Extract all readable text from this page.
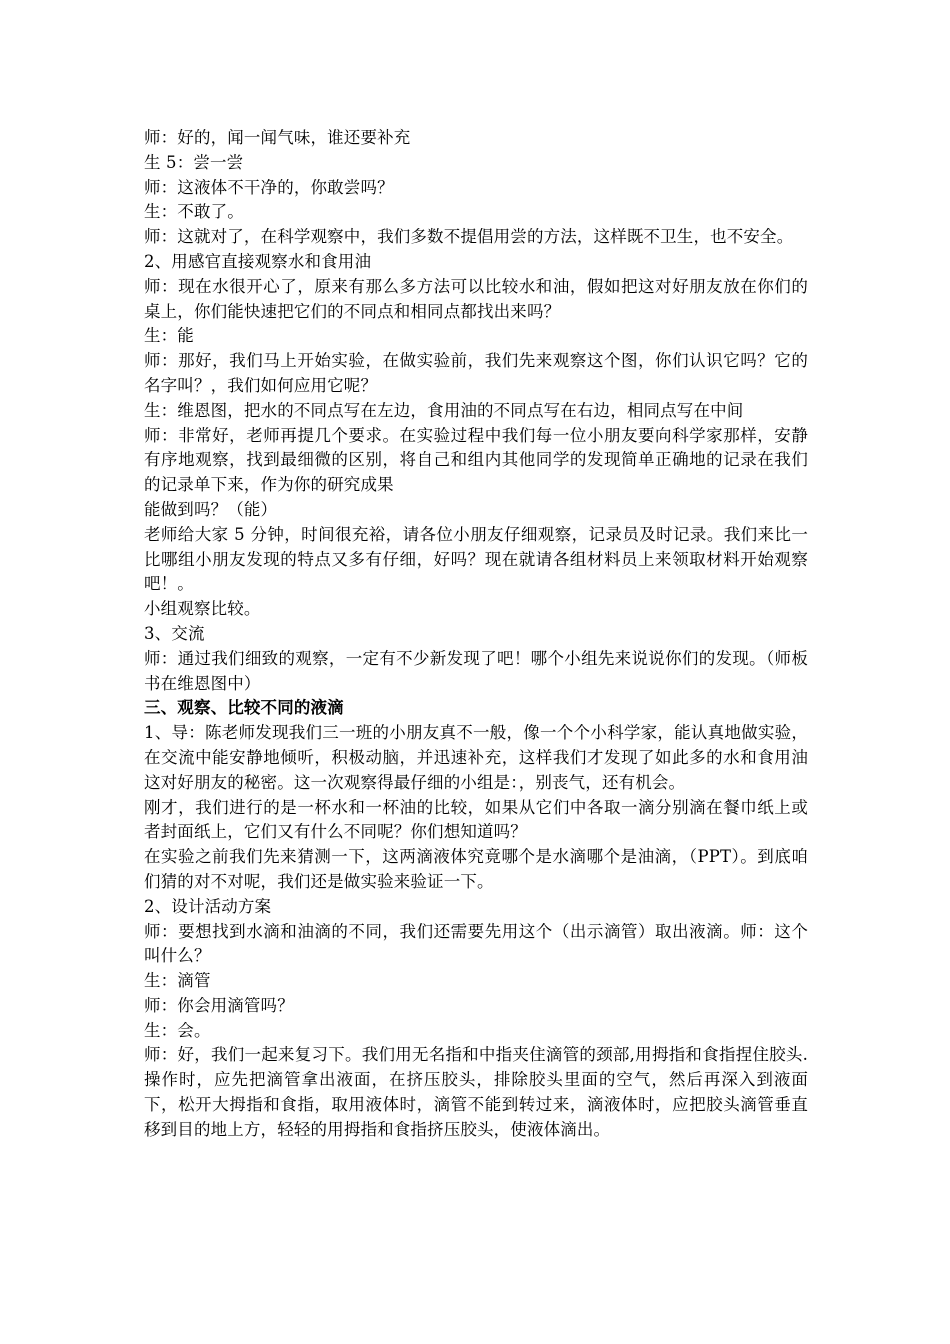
师：好的，闻一闻气味，谁还要补充

生 5：尝一尝

师：这液体不干净的，你敢尝吗？

生：不敢了。

师：这就对了，在科学观察中，我们多数不提倡用尝的方法，这样既不卫生，也不安全。

2、用感官直接观察水和食用油

师：现在水很开心了，原来有那么多方法可以比较水和油，假如把这对好朋友放在你们的桌上，你们能快速把它们的不同点和相同点都找出来吗？

生：能

师：那好，我们马上开始实验，在做实验前，我们先来观察这个图，你们认识它吗？它的名字叫？，我们如何应用它呢？

生：维恩图，把水的不同点写在左边，食用油的不同点写在右边，相同点写在中间

师：非常好，老师再提几个要求。在实验过程中我们每一位小朋友要向科学家那样，安静有序地观察，找到最细微的区别，将自己和组内其他同学的发现简单正确地的记录在我们的记录单下来，作为你的研究成果

能做到吗？（能）

老师给大家 5 分钟，时间很充裕，请各位小朋友仔细观察，记录员及时记录。我们来比一比哪组小朋友发现的特点又多有仔细，好吗？现在就请各组材料员上来领取材料开始观察吧！。

小组观察比较。

3、交流

师：通过我们细致的观察，一定有不少新发现了吧！哪个小组先来说说你们的发现。（师板书在维恩图中）

三、观察、比较不同的液滴

1、导：陈老师发现我们三一班的小朋友真不一般，像一个个小科学家，能认真地做实验，在交流中能安静地倾听，积极动脑，并迅速补充，这样我们才发现了如此多的水和食用油这对好朋友的秘密。这一次观察得最仔细的小组是：，别丧气，还有机会。

刚才，我们进行的是一杯水和一杯油的比较，如果从它们中各取一滴分别滴在餐巾纸上或者封面纸上，它们又有什么不同呢？你们想知道吗？

在实验之前我们先来猜测一下，这两滴液体究竟哪个是水滴哪个是油滴，（PPT）。到底咱们猜的对不对呢，我们还是做实验来验证一下。

2、设计活动方案

师：要想找到水滴和油滴的不同，我们还需要先用这个（出示滴管）取出液滴。师：这个叫什么？

生：滴管

师：你会用滴管吗？

生：会。

师：好，我们一起来复习下。我们用无名指和中指夹住滴管的颈部,用拇指和食指捏住胶头. 操作时，应先把滴管拿出液面，在挤压胶头，排除胶头里面的空气，然后再深入到液面下，松开大拇指和食指，取用液体时，滴管不能到转过来，滴液体时，应把胶头滴管垂直移到目的地上方，轻轻的用拇指和食指挤压胶头，使液体滴出。
